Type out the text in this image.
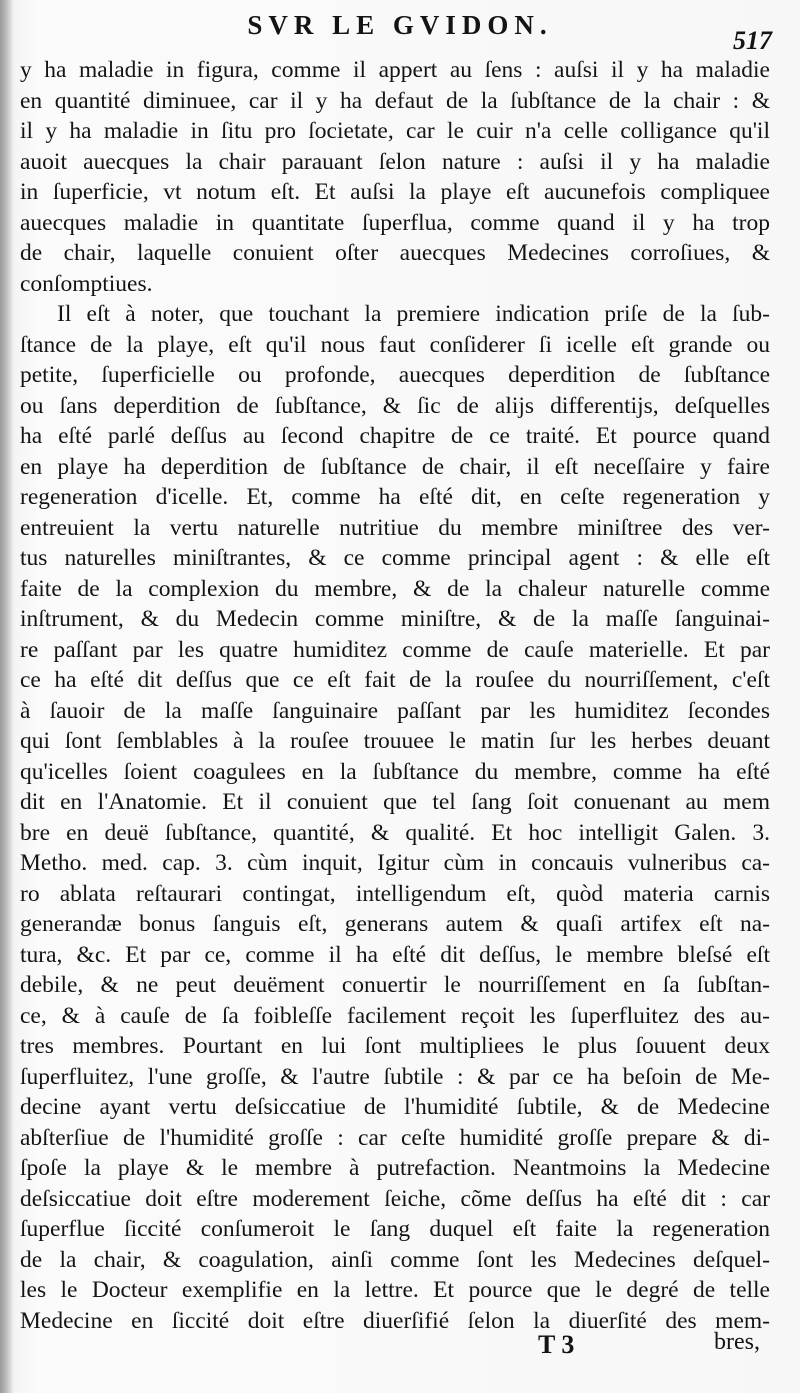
SVR LE GVIDON.
517
y ha maladie in figura, comme il appert au ſens : auſsi il y ha maladie
en quantité diminuee, car il y ha defaut de la ſubſtance de la chair : &
il y ha maladie in ſitu pro ſocietate, car le cuir n'a celle colligance qu'il
auoit auecques la chair parauant ſelon nature : auſsi il y ha maladie
in ſuperficie, vt notum eſt. Et auſsi la playe eſt aucunefois compliquee
auecques maladie in quantitate ſuperflua, comme quand il y ha trop
de chair, laquelle conuient oſter auecques Medecines corroſiues, &
conſomptiues.
Il eſt à noter, que touchant la premiere indication priſe de la ſub-
ſtance de la playe, eſt qu'il nous faut conſiderer ſi icelle eſt grande ou
petite, ſuperficielle ou profonde, auecques deperdition de ſubſtance
ou ſans deperdition de ſubſtance, & ſic de alijs differentijs, deſquelles
ha eſté parlé deſſus au ſecond chapitre de ce traité. Et pource quand
en playe ha deperdition de ſubſtance de chair, il eſt neceſſaire y faire
regeneration d'icelle. Et, comme ha eſté dit, en ceſte regeneration y
entreuient la vertu naturelle nutritiue du membre miniſtree des ver-
tus naturelles miniſtrantes, & ce comme principal agent : & elle eſt
faite de la complexion du membre, & de la chaleur naturelle comme
inſtrument, & du Medecin comme miniſtre, & de la maſſe ſanguinai-
re paſſant par les quatre humiditez comme de cauſe materielle. Et par
ce ha eſté dit deſſus que ce eſt fait de la rouſee du nourriſſement, c'eſt
à ſauoir de la maſſe ſanguinaire paſſant par les humiditez ſecondes
qui ſont ſemblables à la rouſee trouuee le matin ſur les herbes deuant
qu'icelles ſoient coagulees en la ſubſtance du membre, comme ha eſté
dit en l'Anatomie. Et il conuient que tel ſang ſoit conuenant au mem
bre en deuë ſubſtance, quantité, & qualité. Et hoc intelligit Galen. 3.
Metho. med. cap. 3. cùm inquit, Igitur cùm in concauis vulneribus ca-
ro ablata reſtaurari contingat, intelligendum eſt, quòd materia carnis
generandæ bonus ſanguis eſt, generans autem & quaſi artifex eſt na-
tura, &c. Et par ce, comme il ha eſté dit deſſus, le membre bleſsé eſt
debile, & ne peut deuëment conuertir le nourriſſement en ſa ſubſtan-
ce, & à cauſe de ſa foibleſſe facilement reçoit les ſuperfluitez des au-
tres membres. Pourtant en lui ſont multipliees le plus ſouuent deux
ſuperfluitez, l'une groſſe, & l'autre ſubtile : & par ce ha beſoin de Me-
decine ayant vertu deſsiccatiue de l'humidité ſubtile, & de Medecine
abſterſiue de l'humidité groſſe : car ceſte humidité groſſe prepare & di-
ſpoſe la playe & le membre à putrefaction. Neantmoins la Medecine
deſsiccatiue doit eſtre moderement ſeiche, cõme deſſus ha eſté dit : car
ſuperflue ſiccité conſumeroit le ſang duquel eſt faite la regeneration
de la chair, & coagulation, ainſi comme ſont les Medecines deſquel-
les le Docteur exemplifie en la lettre. Et pource que le degré de telle
Medecine en ſiccité doit eſtre diuerſifié ſelon la diuerſité des mem-
T 3	bres,
